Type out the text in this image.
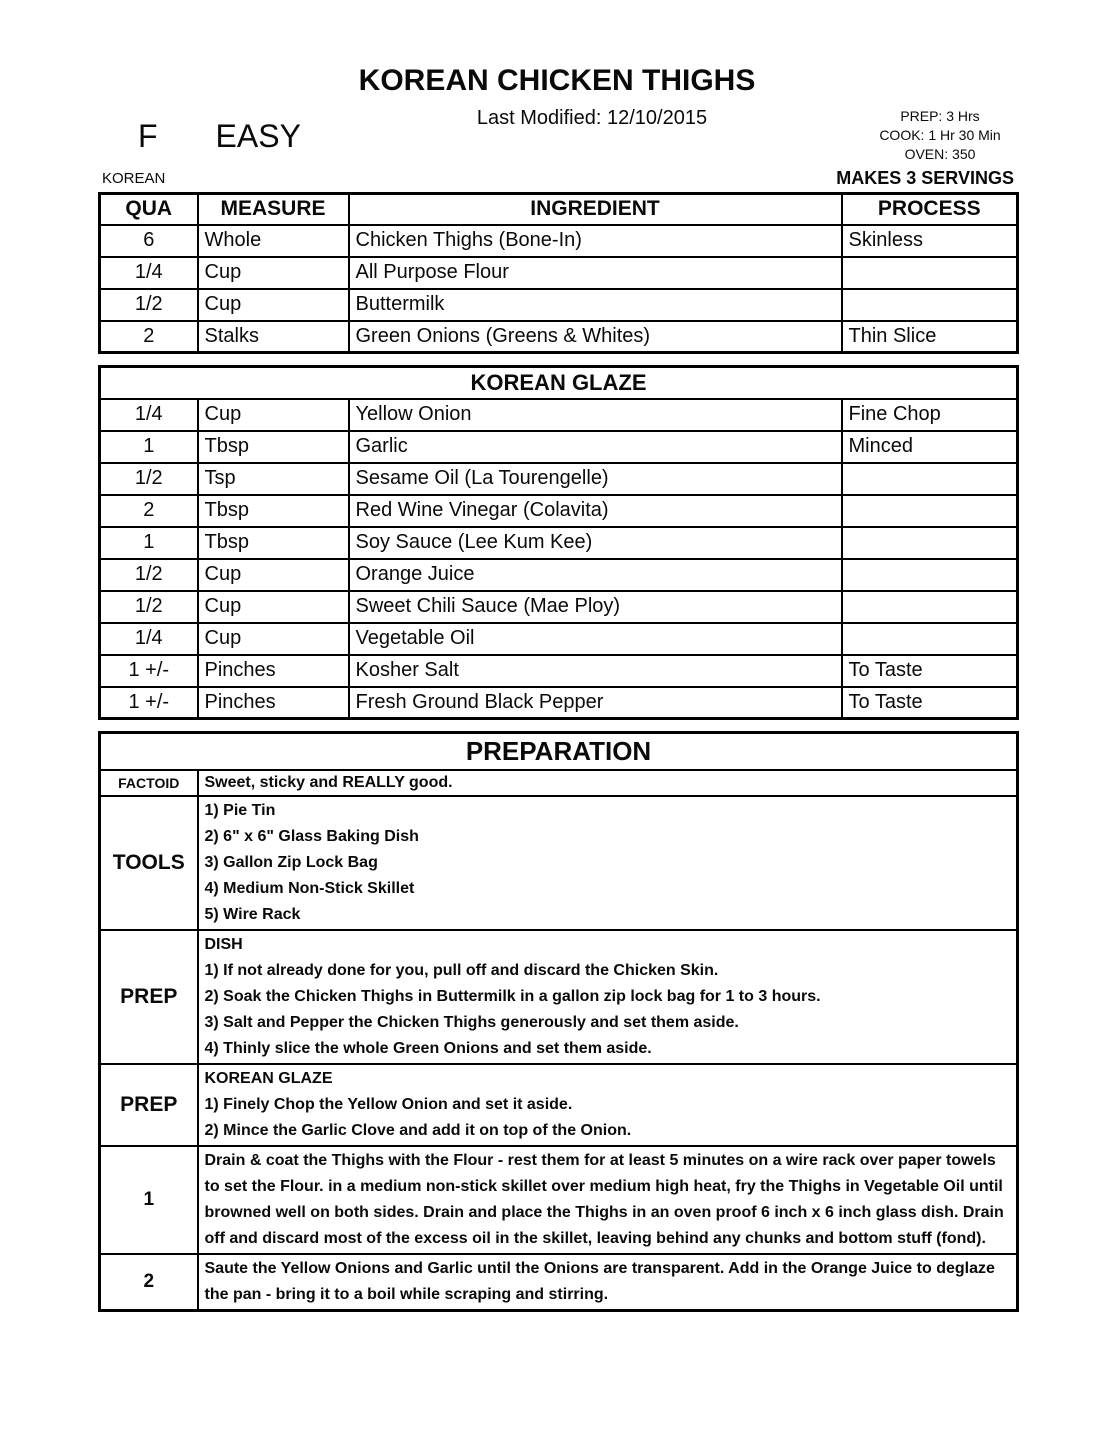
KOREAN CHICKEN THIGHS
F EASY	Last Modified: 12/10/2015	PREP: 3 Hrs
COOK: 1 Hr 30 Min
OVEN: 350
KOREAN	MAKES 3 SERVINGS
QUA	MEASURE	INGREDIENT	PROCESS
6	Whole	Chicken Thighs (Bone-In)	Skinless
1/4	Cup	All Purpose Flour	
1/2	Cup	Buttermilk	
2	Stalks	Green Onions (Greens & Whites)	Thin Slice
KOREAN GLAZE			
1/4	Cup	Yellow Onion	Fine Chop
1	Tbsp	Garlic	Minced
1/2	Tsp	Sesame Oil (La Tourengelle)	
2	Tbsp	Red Wine Vinegar (Colavita)	
1	Tbsp	Soy Sauce (Lee Kum Kee)	
1/2	Cup	Orange Juice	
1/2	Cup	Sweet Chili Sauce (Mae Ploy)	
1/4	Cup	Vegetable Oil	
1 +/-	Pinches	Kosher Salt	To Taste
1 +/-	Pinches	Fresh Ground Black Pepper	To Taste
PREPARATION	
FACTOID	Sweet, sticky and REALLY good.

TOOLS	1) Pie Tin
2) 6" x 6" Glass Baking Dish
3) Gallon Zip Lock Bag
4) Medium Non-Stick Skillet
5) Wire Rack

PREP	DISH
1) If not already done for you, pull off and discard the Chicken Skin.
2) Soak the Chicken Thighs in Buttermilk in a gallon zip lock bag for 1 to 3 hours.
3) Salt and Pepper the Chicken Thighs generously and set them aside.
4) Thinly slice the whole Green Onions and set them aside.

PREP	KOREAN GLAZE
1) Finely Chop the Yellow Onion and set it aside.
2) Mince the Garlic Clove and add it on top of the Onion.

1	Drain & coat the Thighs with the Flour - rest them for at least 5 minutes on a wire rack over paper towels to set the Flour. in a medium non-stick skillet over medium high heat, fry the Thighs in Vegetable Oil until browned well on both sides. Drain and place the Thighs in an oven proof 6 inch x 6 inch glass dish. Drain off and discard most of the excess oil in the skillet, leaving behind any chunks and bottom stuff (fond).

2	Saute the Yellow Onions and Garlic until the Onions are transparent. Add in the Orange Juice to deglaze the pan - bring it to a boil while scraping and stirring.
